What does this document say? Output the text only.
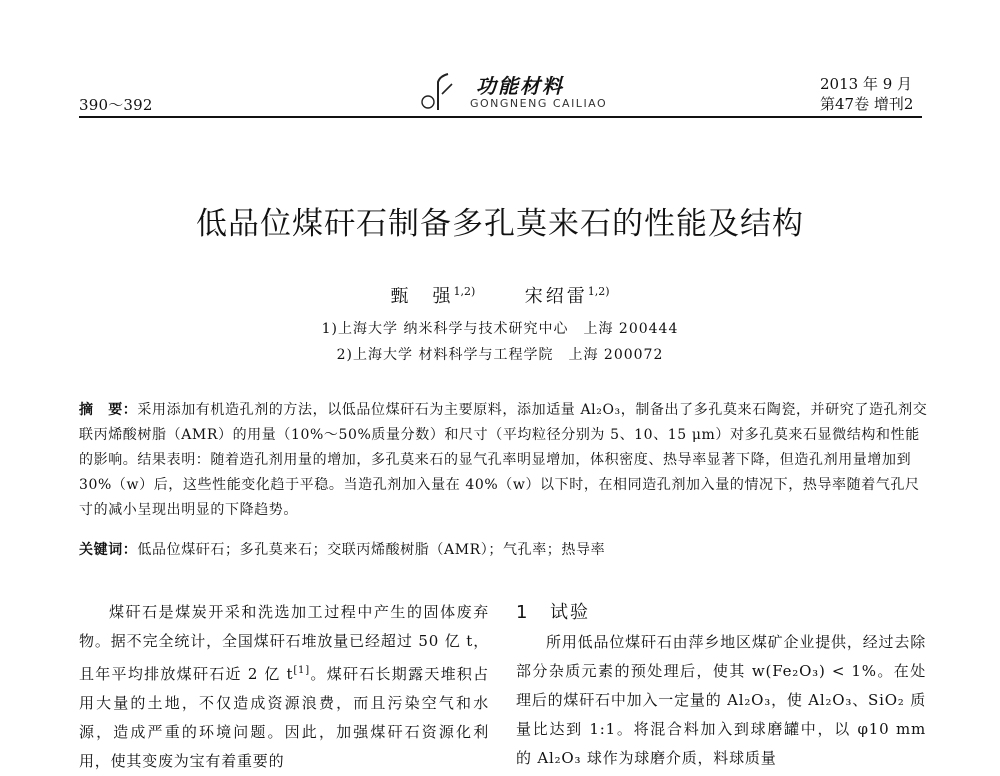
390～392
功能材料
GONGNENG CAILIAO
2013 年 9 月
第47卷 增刊2
低品位煤矸石制备多孔莫来石的性能及结构
甄　强$^{1,2)}$	宋绍雷$^{1,2)}$
1)上海大学 纳米科学与技术研究中心　上海 200444
2)上海大学 材料科学与工程学院　上海 200072
摘　要：采用添加有机造孔剂的方法，以低品位煤矸石为主要原料，添加适量 Al₂O₃，制备出了多孔莫来石陶瓷，并研究了造孔剂交联丙烯酸树脂（AMR）的用量（10%～50%质量分数）和尺寸（平均粒径分别为 5、10、15 μm）对多孔莫来石显微结构和性能的影响。结果表明：随着造孔剂用量的增加，多孔莫来石的显气孔率明显增加，体积密度、热导率显著下降，但造孔剂用量增加到 30%（w）后，这些性能变化趋于平稳。当造孔剂加入量在 40%（w）以下时，在相同造孔剂加入量的情况下，热导率随着气孔尺寸的减小呈现出明显的下降趋势。
关键词：低品位煤矸石；多孔莫来石；交联丙烯酸树脂（AMR）；气孔率；热导率
煤矸石是煤炭开采和洗选加工过程中产生的固体废弃物。据不完全统计，全国煤矸石堆放量已经超过 50 亿 t，且年平均排放煤矸石近 2 亿 t[1]。煤矸石长期露天堆积占用大量的土地，不仅造成资源浪费，而且污染空气和水源，造成严重的环境问题。因此，加强煤矸石资源化利用，使其变废为宝有着重要的
1 试验
所用低品位煤矸石由萍乡地区煤矿企业提供，经过去除部分杂质元素的预处理后，使其 w(Fe₂O₃) < 1%。在处理后的煤矸石中加入一定量的 Al₂O₃，使 Al₂O₃、SiO₂ 质量比达到 1:1。将混合料加入到球磨罐中，以 φ10 mm 的 Al₂O₃ 球作为球磨介质，料球质量
